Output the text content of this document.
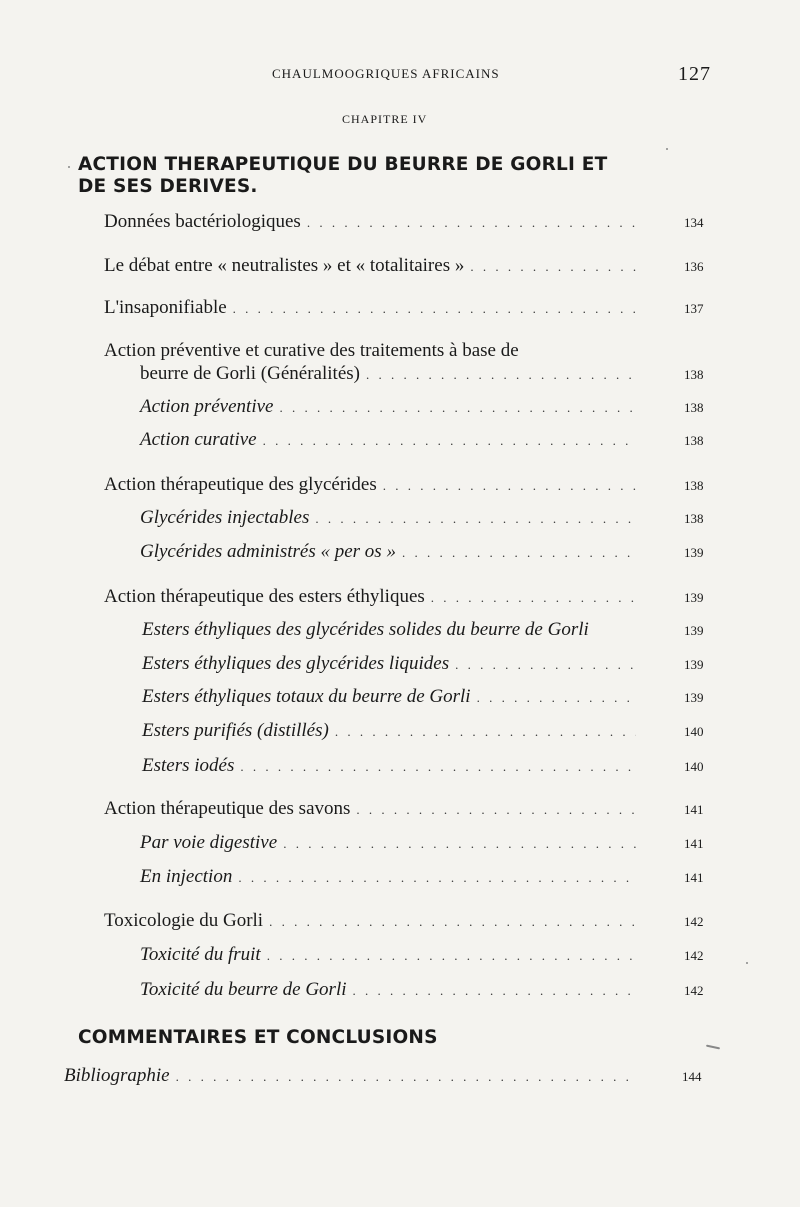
CHAULMOOGRIQUES AFRICAINS	127
CHAPITRE IV
ACTION THERAPEUTIQUE DU BEURRE DE GORLI ET DE SES DERIVES.
Données bactériologiques . . .	134
Le débat entre « neutralistes » et « totalitaires » . . .	136
L'insaponifiable . . .	137
Action préventive et curative des traitements à base de
beurre de Gorli (Généralités) . . .	138
Action préventive . . .	138
Action curative . . .	138
Action thérapeutique des glycérides . . .	138
Glycérides injectables . . .	138
Glycérides administrés « per os » . . .	139
Action thérapeutique des esters éthyliques . . .	139
Esters éthyliques des glycérides solides du beurre de Gorli	139
Esters éthyliques des glycérides liquides . . .	139
Esters éthyliques totaux du beurre de Gorli . . .	139
Esters purifiés (distillés) . . .	140
Esters iodés . . .	140
Action thérapeutique des savons . . .	141
Par voie digestive . . .	141
En injection . . .	141
Toxicologie du Gorli . . .	142
Toxicité du fruit . . .	142
Toxicité du beurre de Gorli . . .	142
COMMENTAIRES ET CONCLUSIONS
Bibliographie . . .	144
